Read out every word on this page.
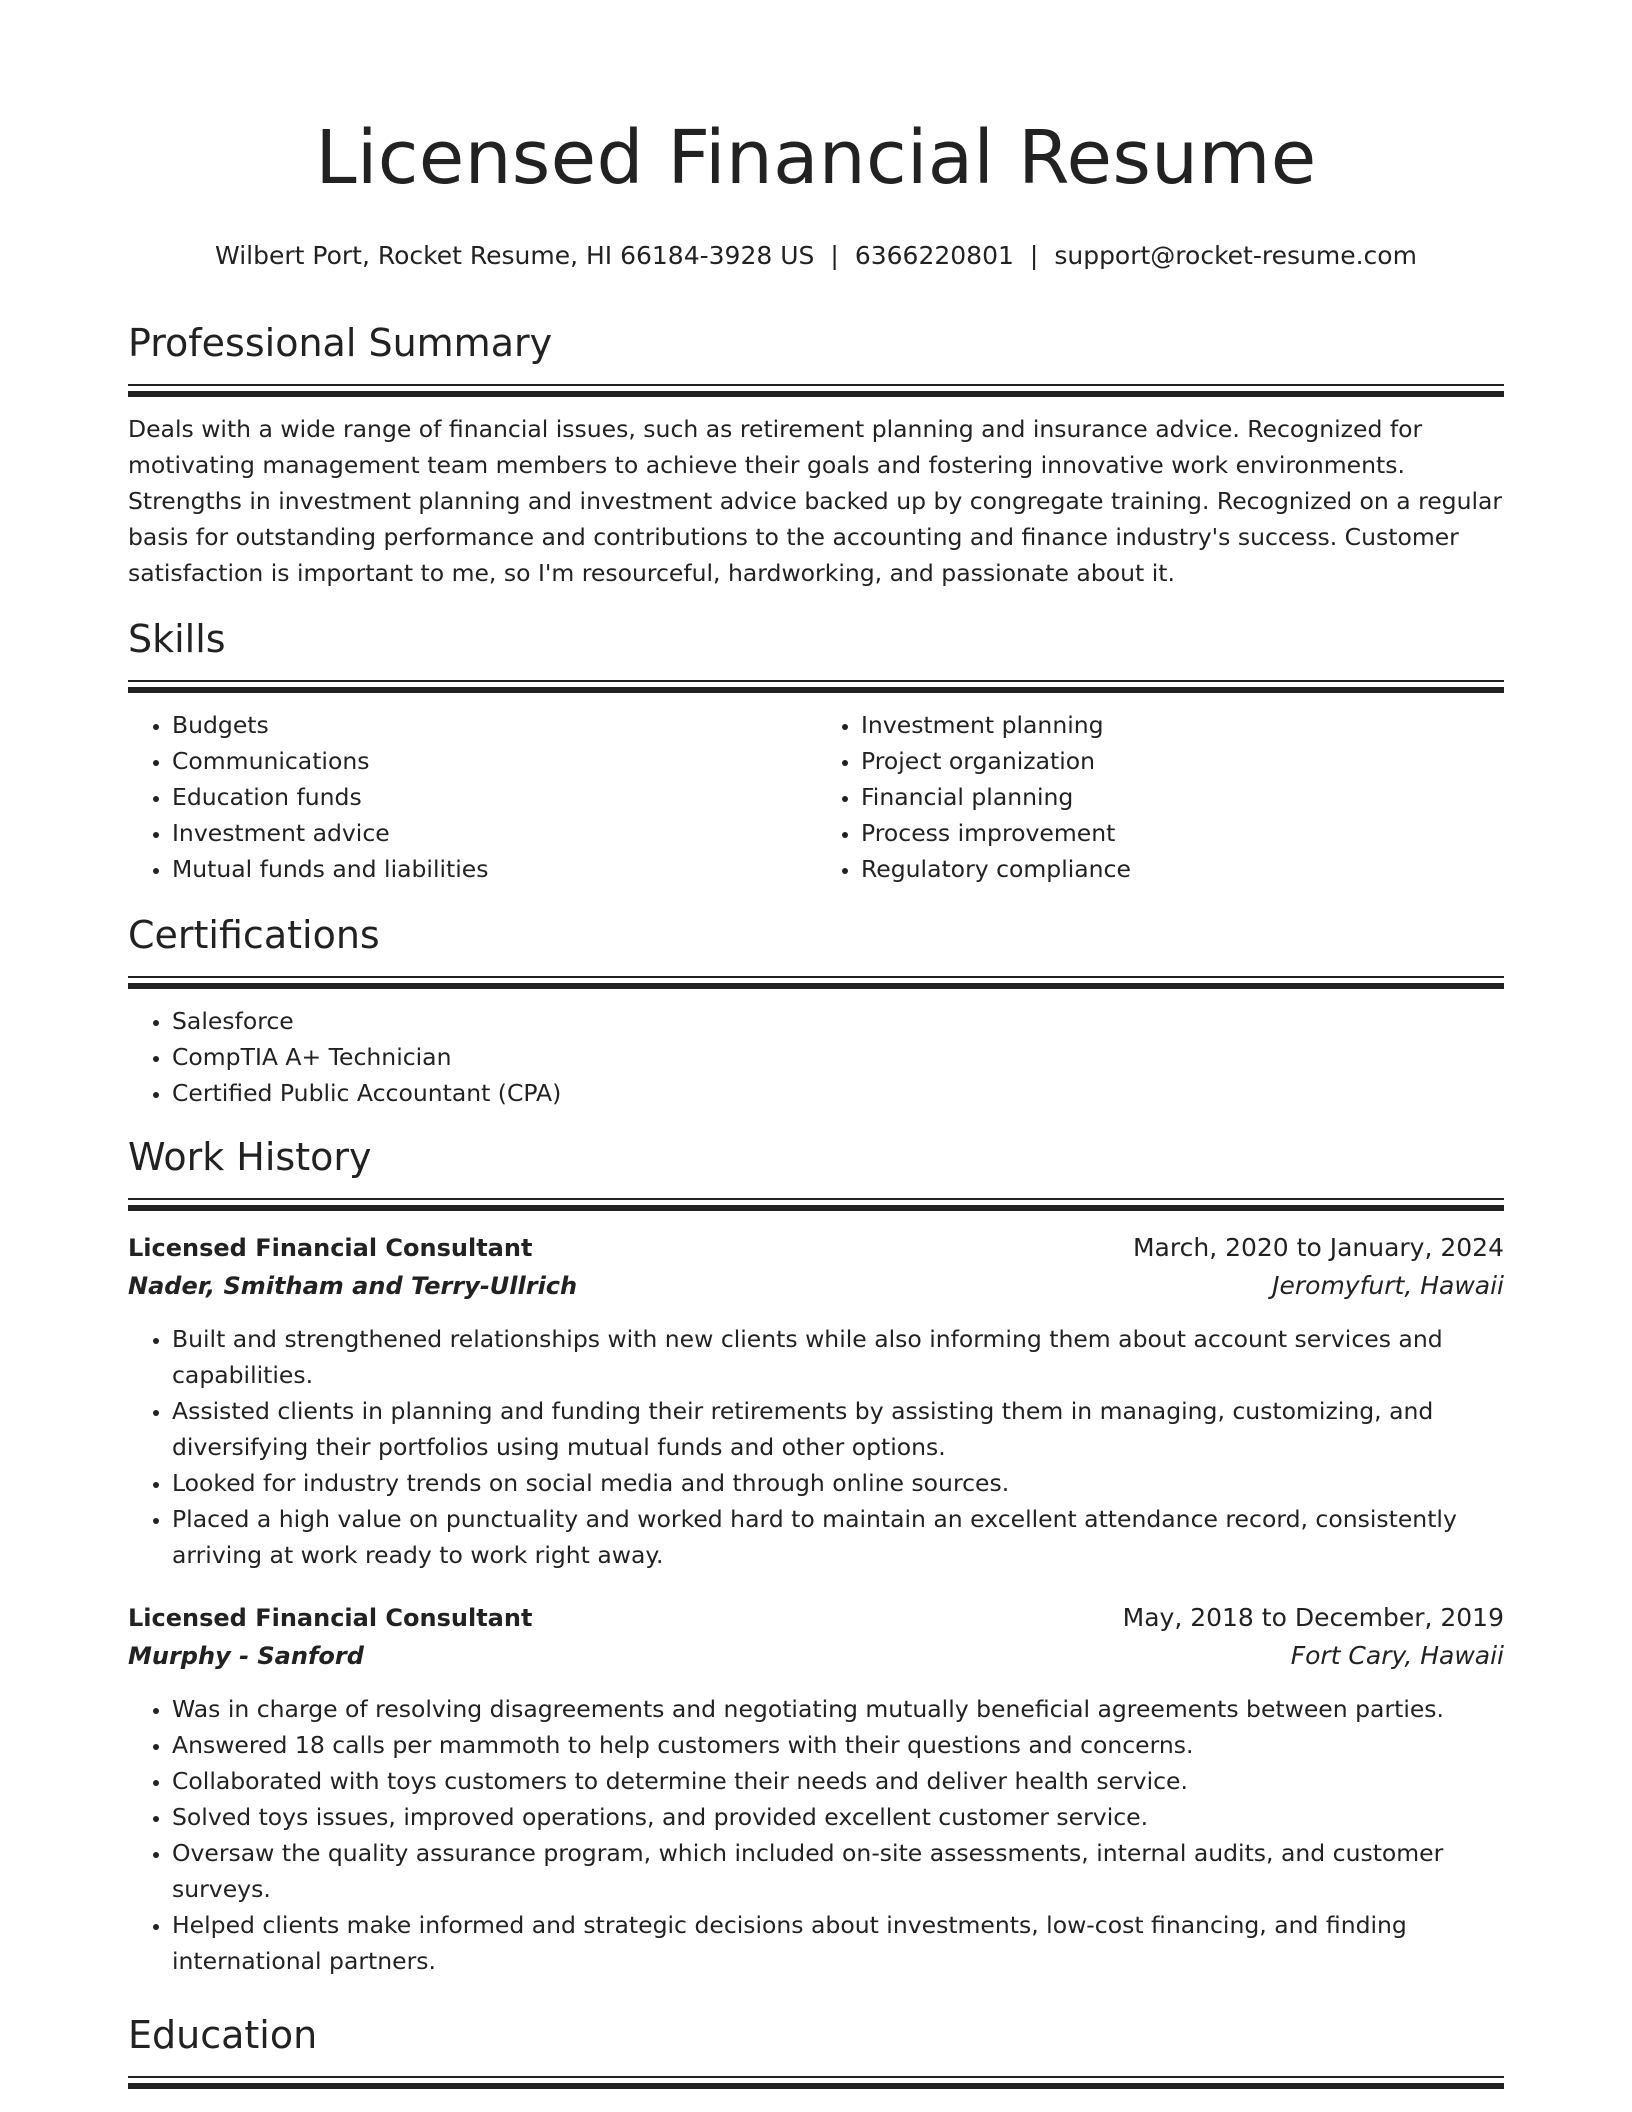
Licensed Financial Resume
Wilbert Port, Rocket Resume, HI 66184-3928 US | 6366220801 | support@rocket-resume.com
Professional Summary

Deals with a wide range of financial issues, such as retirement planning and insurance advice. Recognized for motivating management team members to achieve their goals and fostering innovative work environments. Strengths in investment planning and investment advice backed up by congregate training. Recognized on a regular basis for outstanding performance and contributions to the accounting and finance industry's success. Customer satisfaction is important to me, so I'm resourceful, hardworking, and passionate about it.

Skills
• Budgets
• Communications
• Education funds
• Investment advice
• Mutual funds and liabilities
• Investment planning
• Project organization
• Financial planning
• Process improvement
• Regulatory compliance
Certifications
• Salesforce
• CompTIA A+ Technician
• Certified Public Accountant (CPA)
Work History
Licensed Financial Consultant	March, 2020 to January, 2024
Nader, Smitham and Terry-Ullrich	Jeromyfurt, Hawaii
• Built and strengthened relationships with new clients while also informing them about account services and capabilities.
• Assisted clients in planning and funding their retirements by assisting them in managing, customizing, and diversifying their portfolios using mutual funds and other options.
• Looked for industry trends on social media and through online sources.
• Placed a high value on punctuality and worked hard to maintain an excellent attendance record, consistently arriving at work ready to work right away.
Licensed Financial Consultant	May, 2018 to December, 2019
Murphy - Sanford	Fort Cary, Hawaii
• Was in charge of resolving disagreements and negotiating mutually beneficial agreements between parties.
• Answered 18 calls per mammoth to help customers with their questions and concerns.
• Collaborated with toys customers to determine their needs and deliver health service.
• Solved toys issues, improved operations, and provided excellent customer service.
• Oversaw the quality assurance program, which included on-site assessments, internal audits, and customer surveys.
• Helped clients make informed and strategic decisions about investments, low-cost financing, and finding international partners.
Education
